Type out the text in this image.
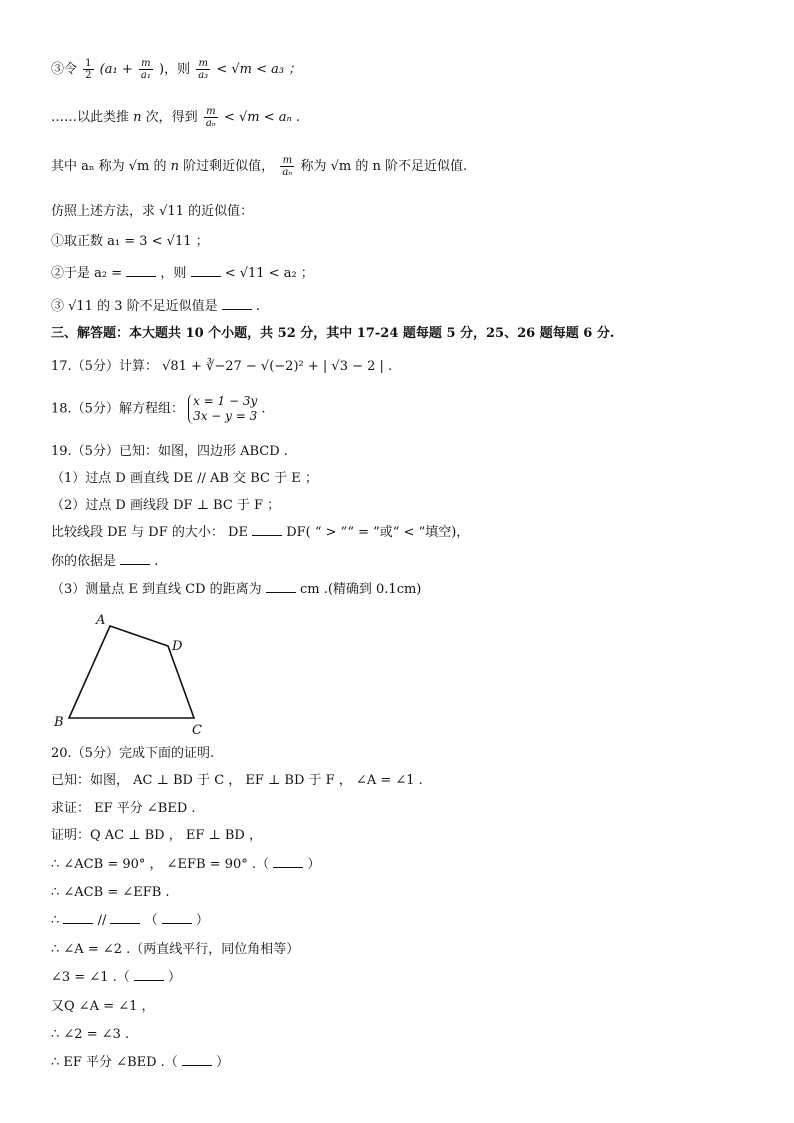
③令 $\frac{1}{2} (a_1 + \frac{m}{\text{a₁}}$ )，则 $\frac{m}{\text{a₃}} < √m < a_3$ ；
……以此类推 n 次，得到 $\frac{m}{\text{aₙ}} < √m < a_n$ .
其中 aₙ 称为 √m 的 n 阶过剩近似值， $\frac{m}{\text{aₙ}}$ 称为 √m 的 n 阶不足近似值.
仿照上述方法，求 √11 的近似值：
①取正数 a₁ = 3 < √11 ；
②于是 a₂ =	，则	< √11 < a₂ ；
③ √11 的 3 阶不足近似值是	.
三、解答题：本大题共 10 个小题，共 52 分，其中 17-24 题每题 5 分，25、26 题每题 6 分.
17.（5分）计算： √81 + ∛−27 − √(−2)² + | √3 − 2 | .
18.（5分）解方程组：
x = 1 − 3y
3x − y = 3 .
19.（5分）已知：如图，四边形 ABCD .
（1）过点 D 画直线 DE // AB 交 BC 于 E ；
（2）过点 D 画线段 DF ⊥ BC 于 F ；
比较线段 DE 与 DF 的大小： DE	DF( “ > ”“ = ”或“ < ”填空)，
你的依据是	.
（3）测量点 E 到直线 CD 的距离为	cm .(精确到 0.1cm)
A
B
C
D
20.（5分）完成下面的证明.
已知：如图， AC ⊥ BD 于 C ， EF ⊥ BD 于 F ， ∠A = ∠1 .
求证： EF 平分 ∠BED .
证明：Q AC ⊥ BD ， EF ⊥ BD ，
∴ ∠ACB = 90° ， ∠EFB = 90° .（	）
∴ ∠ACB = ∠EFB .
∴	//	（	）
∴ ∠A = ∠2 .（两直线平行，同位角相等）
∠3 = ∠1 .（	）
又Q ∠A = ∠1 ，
∴ ∠2 = ∠3 .
∴ EF 平分 ∠BED .（	）
